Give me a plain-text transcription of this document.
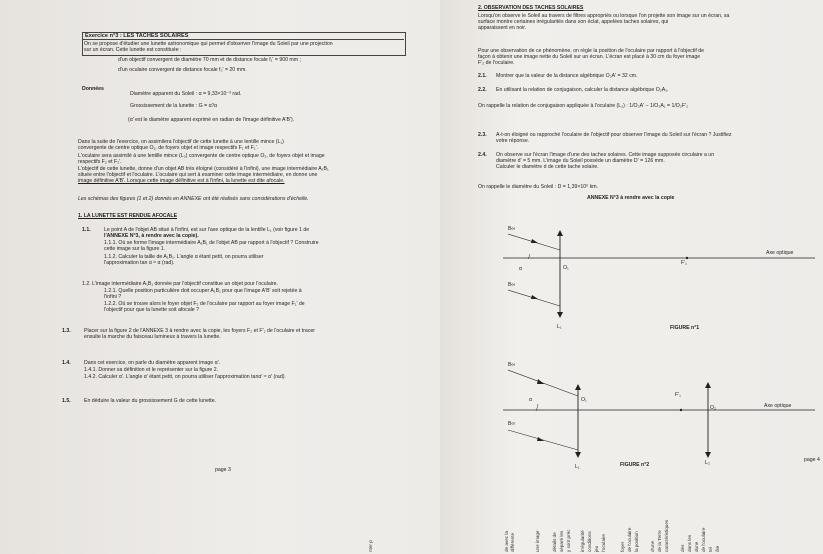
Exercice n°3 : LES TACHES SOLAIRES
On se propose d'étudier une lunette astronomique qui permet d'observer l'image du Soleil par une projection
sur un écran. Cette lunette est constituée :
d'un objectif convergent de diamètre 70 mm et de distance focale f₁' = 900 mm ;
d'un oculaire convergent de distance focale f₂' = 20 mm.
Données
Diamètre apparent du Soleil : α = 9,33×10⁻³ rad.
Grossissement de la lunette : G = α'/α
(α' est le diamètre apparent exprimé en radian de l'image définitive A'B').
Dans la suite de l'exercice, on assimilera l'objectif de cette lunette à une lentille mince (L₁)
convergente de centre optique O₁, de foyers objet et image respectifs F₁ et F₁'.
L'oculaire sera assimilé à une lentille mince (L₂) convergente de centre optique O₂, de foyers objet et image
respectifs F₂ et F₂'.
L'objectif de cette lunette, donne d'un objet AB très éloigné (considéré à l'infini), une image intermédiaire A₁B₁
située entre l'objectif et l'oculaire. L'oculaire qui sert à examiner cette image intermédiaire, en donne une
image définitive A'B'. Lorsque cette image définitive est à l'infini, la lunette est dite afocale.
Les schémas des figures (1 et 2) donnés en ANNEXE ont été réalisés sans considérations d'échelle.
1. LA LUNETTE EST RENDUE AFOCALE
1.1.	Le point A de l'objet AB situé à l'infini, est sur l'axe optique de la lentille L₁ (voir figure 1 de
l'ANNEXE N°3, à rendre avec la copie).
1.1.1. Où se forme l'image intermédiaire A₁B₁ de l'objet AB par rapport à l'objectif ? Construire
cette image sur la figure 1.
1.1.2. Calculer la taille de A₁B₁. L'angle α étant petit, on pourra utiliser
l'approximation tan α ≈ α (rad).
1.2. L'image intermédiaire A₁B₁ donnée par l'objectif constitue un objet pour l'oculaire.
1.2.1. Quelle position particulière doit occuper A₁B₁ pour que l'image A'B' soit rejetée à
l'infini ?
1.2.2. Où se trouve alors le foyer objet F₂ de l'oculaire par rapport au foyer image F₁' de
l'objectif pour que la lunette soit afocale ?
1.3.	Placer sur la figure 2 de l'ANNEXE 3 à rendre avec la copie, les foyers F₂ et F'₂ de l'oculaire et tracer
ensuite la marche du faisceau lumineux à travers la lunette.
1.4.	Dans cet exercice, on parle du diamètre apparent image α'.
1.4.1. Donner sa définition et le représenter sur la figure 2.
1.4.2. Calculer α'. L'angle α' étant petit, on pourra utiliser l'approximation tanα' ≈ α' (rad).
1.5.	En déduire la valeur du grossissement G de cette lunette.
page 3
2. OBSERVATION DES TACHES SOLAIRES
Lorsqu'on observe le Soleil au travers de filtres appropriés ou lorsque l'on projette son image sur un écran, sa
surface montre certaines irrégularités dans son éclat, appelées taches solaires, qui
apparaissent en noir.
Pour une observation de ce phénomène, on règle la position de l'oculaire par rapport à l'objectif de
façon à obtenir une image nette du Soleil sur un écran. L'écran est placé à 30 cm du foyer image
F'₂ de l'oculaire.
2.1. Montrer que la valeur de la distance algébrique O₂A' = 32 cm.
2.2. En utilisant la relation de conjugaison, calculer la distance algébrique O₂A₁.
On rappelle la relation de conjugaison appliquée à l'oculaire (L₂) : 1/O₂A' − 1/O₂A₁ = 1/O₂F'₂
2.3. A-t-on éloigné ou rapproché l'oculaire de l'objectif pour observer l'image du Soleil sur l'écran ? Justifiez
votre réponse.
2.4. On observe sur l'écran l'image d'une des taches solaires. Cette image supposée circulaire a un
diamètre d' = 5 mm. L'image du Soleil possède un diamètre D' = 126 mm.
Calculer le diamètre d de cette tache solaire.
On rappelle le diamètre du Soleil : D = 1,39×10⁶ km.
ANNEXE N°3 à rendre avec la copie
B∞
B∞
α	O₁
F'₁
Axe optique
L₁	FIGURE n°1
B∞
B∞
α	O₁
F'₁
O₂	Axe optique
L₁
L₂
FIGURE n°2
page 4
nter p	de avec la différente	une image	détails de séparé les y sont préc irrégularité conditions jeu l'oculaire	foyer de l'oculaire la position d'une de la Terre caractéristiques des dans les dune de l'oculaire tel ôle
